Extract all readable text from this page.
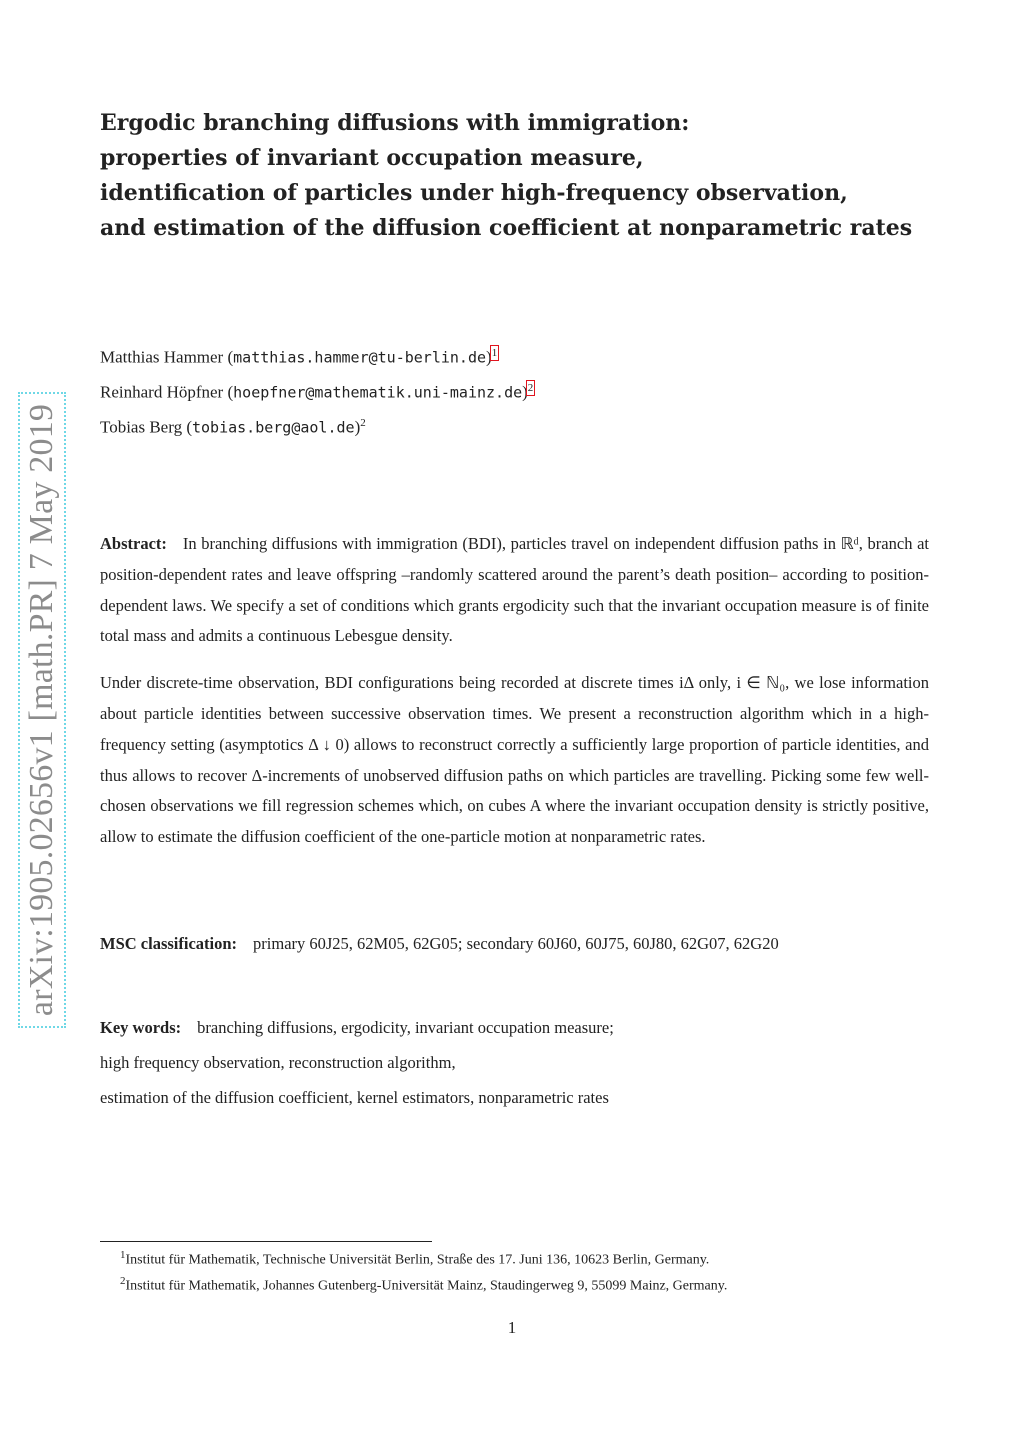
arXiv:1905.02656v1 [math.PR] 7 May 2019
Ergodic branching diffusions with immigration:
properties of invariant occupation measure,
identification of particles under high-frequency observation,
and estimation of the diffusion coefficient at nonparametric rates
Matthias Hammer (matthias.hammer@tu-berlin.de)$^1$
Reinhard Höpfner (hoepfner@mathematik.uni-mainz.de)$^2$
Tobias Berg (tobias.berg@aol.de)$^2$

Abstract: In branching diffusions with immigration (BDI), particles travel on independent diffusion paths in ℝᵈ, branch at position-dependent rates and leave offspring –randomly scattered around the parent’s death position– according to position-dependent laws. We specify a set of conditions which grants ergodicity such that the invariant occupation measure is of finite total mass and admits a continuous Lebesgue density.

Under discrete-time observation, BDI configurations being recorded at discrete times iΔ only, i ∈ ℕ₀, we lose information about particle identities between successive observation times. We present a reconstruction algorithm which in a high-frequency setting (asymptotics Δ ↓ 0) allows to reconstruct correctly a sufficiently large proportion of particle identities, and thus allows to recover Δ-increments of unobserved diffusion paths on which particles are travelling. Picking some few well-chosen observations we fill regression schemes which, on cubes A where the invariant occupation density is strictly positive, allow to estimate the diffusion coefficient of the one-particle motion at nonparametric rates.

MSC classification: primary 60J25, 62M05, 62G05; secondary 60J60, 60J75, 60J80, 62G07, 62G20
Key words: branching diffusions, ergodicity, invariant occupation measure;
high frequency observation, reconstruction algorithm,
estimation of the diffusion coefficient, kernel estimators, nonparametric rates
$^1$Institut für Mathematik, Technische Universität Berlin, Straße des 17. Juni 136, 10623 Berlin, Germany.
$^2$Institut für Mathematik, Johannes Gutenberg-Universität Mainz, Staudingerweg 9, 55099 Mainz, Germany.
1
